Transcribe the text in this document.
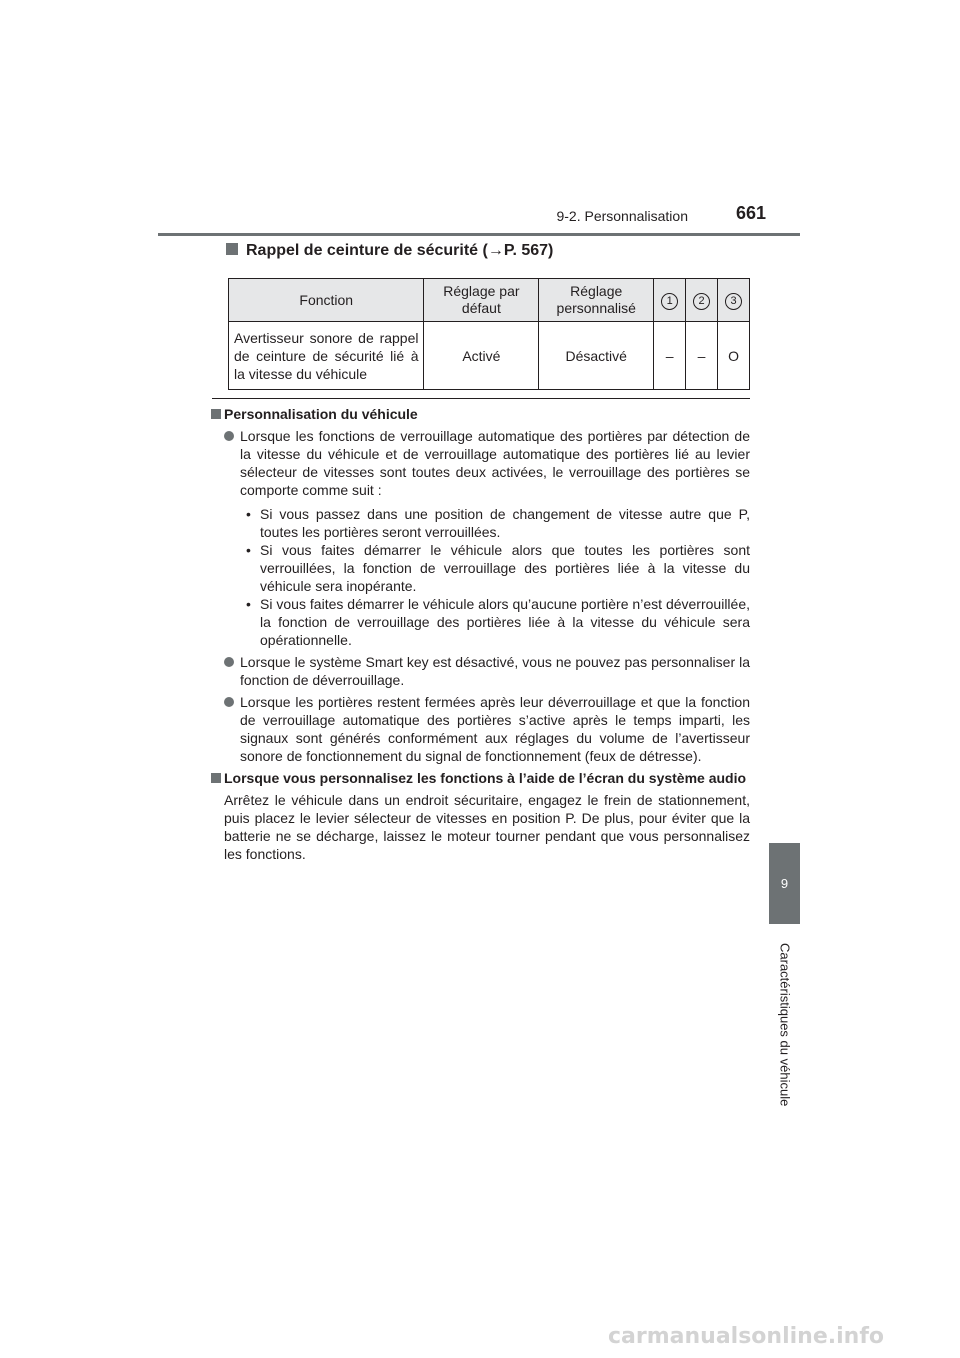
9-2. Personnalisation	661
9
Caractéristiques du véhicule
Rappel de ceinture de sécurité (→P. 567)
Fonction	Réglage par défaut	Réglage personnalisé	1	2	3
Avertisseur sonore de rappel de ceinture de sécurité lié à la vitesse du véhicule	Activé	Désactivé	–	–	O
Personnalisation du véhicule
Lorsque les fonctions de verrouillage automatique des portières par détection de la vitesse du véhicule et de verrouillage automatique des portières lié au levier sélecteur de vitesses sont toutes deux activées, le verrouillage des portières se comporte comme suit :
• Si vous passez dans une position de changement de vitesse autre que P, toutes les portières seront verrouillées.
• Si vous faites démarrer le véhicule alors que toutes les portières sont verrouillées, la fonction de verrouillage des portières liée à la vitesse du véhicule sera inopérante.
• Si vous faites démarrer le véhicule alors qu’aucune portière n’est déverrouillée, la fonction de verrouillage des portières liée à la vitesse du véhicule sera opérationnelle.
Lorsque le système Smart key est désactivé, vous ne pouvez pas personnaliser la fonction de déverrouillage.
Lorsque les portières restent fermées après leur déverrouillage et que la fonction de verrouillage automatique des portières s’active après le temps imparti, les signaux sont générés conformément aux réglages du volume de l’avertisseur sonore de fonctionnement du signal de fonctionnement (feux de détresse).
Lorsque vous personnalisez les fonctions à l’aide de l’écran du système audio
Arrêtez le véhicule dans un endroit sécuritaire, engagez le frein de stationnement, puis placez le levier sélecteur de vitesses en position P. De plus, pour éviter que la batterie ne se décharge, laissez le moteur tourner pendant que vous personnalisez les fonctions.
carmanualsonline.info
